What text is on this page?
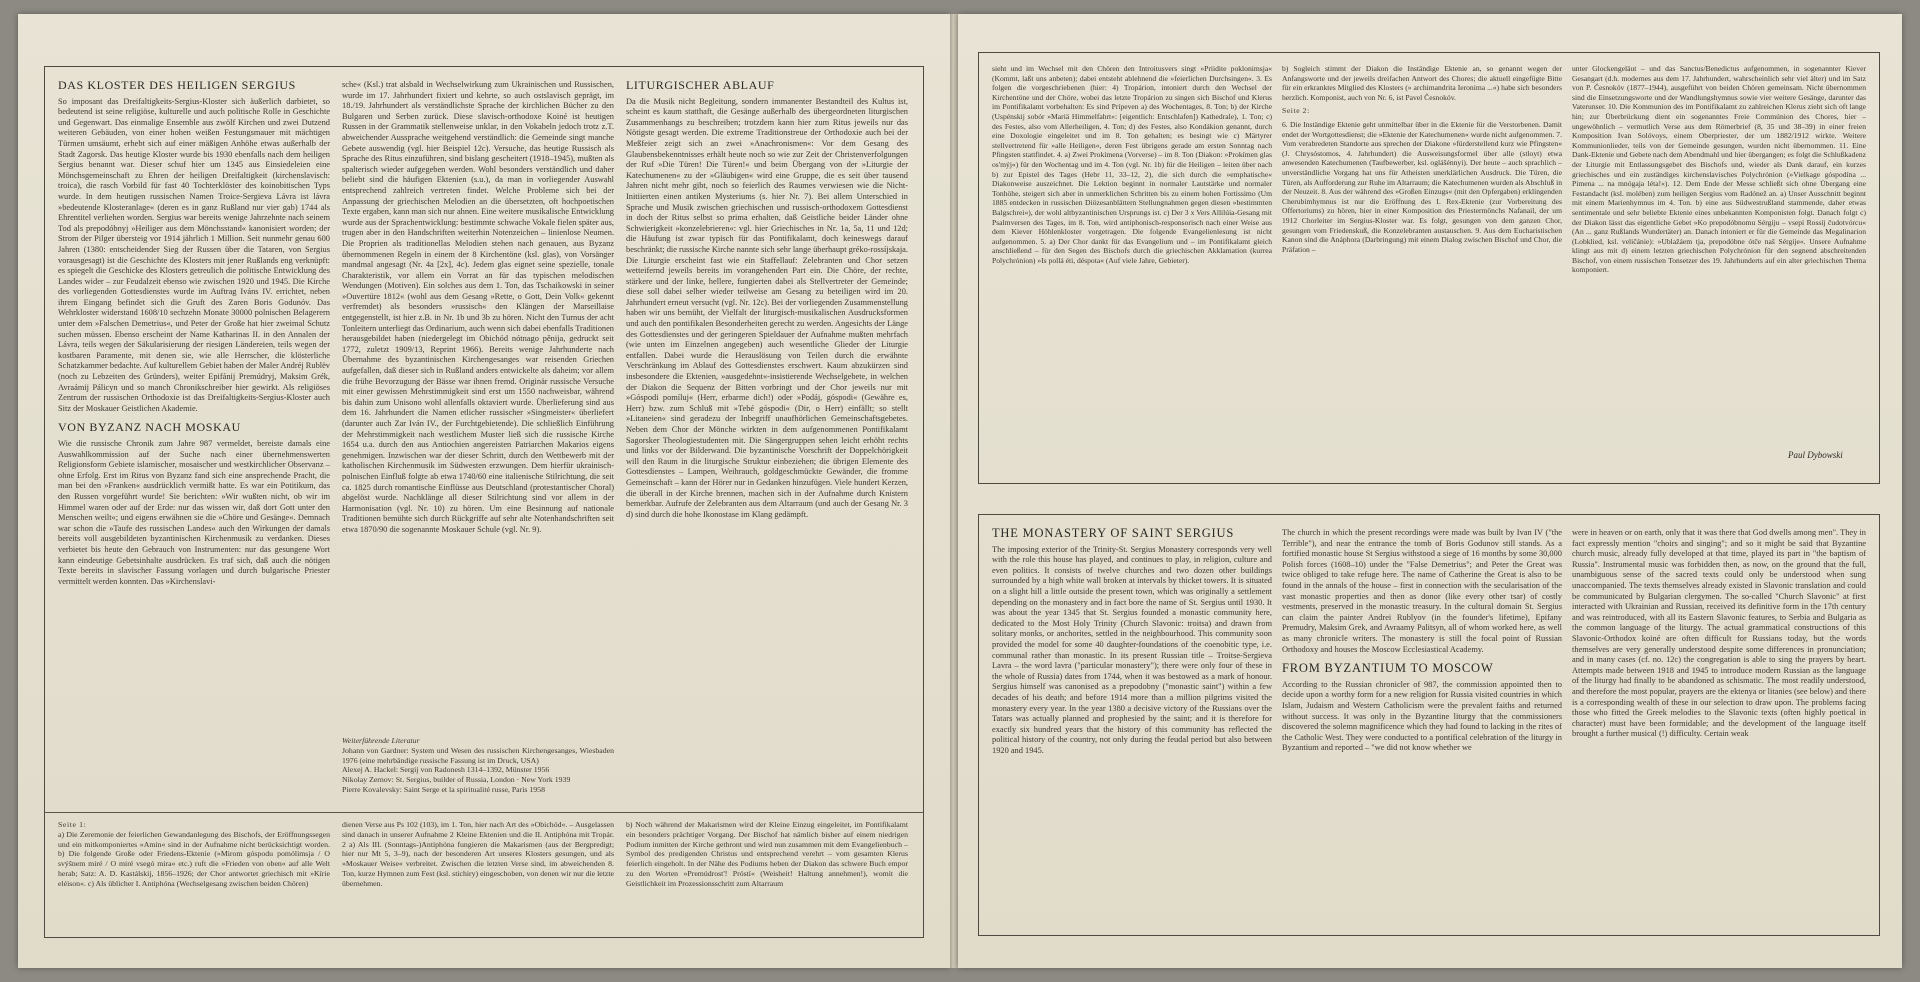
DAS KLOSTER DES HEILIGEN SERGIUS

So imposant das Dreifaltigkeits-Sergius-Kloster sich äußerlich darbietet, so bedeutend ist seine religiöse, kulturelle und auch politische Rolle in Geschichte und Gegenwart. Das einmalige Ensemble aus zwölf Kirchen und zwei Dutzend weiteren Gebäuden, von einer hohen weißen Festungsmauer mit mächtigen Türmen umsäumt, erhebt sich auf einer mäßigen Anhöhe etwas außerhalb der Stadt Zagorsk. Das heutige Kloster wurde bis 1930 ebenfalls nach dem heiligen Sergius benannt war. Dieser schuf hier um 1345 aus Einsiedeleien eine Mönchsgemeinschaft zu Ehren der heiligen Dreifaltigkeit (kirchenslavisch: troica), die rasch Vorbild für fast 40 Tochterklöster des koinobitischen Typs wurde. In dem heutigen russischen Namen Troice-Sergieva Lávra ist lávra »bedeutende Klosteranlage« (deren es in ganz Rußland nur vier gab) 1744 als Ehrentitel verliehen worden. Sergius war bereits wenige Jahrzehnte nach seinem Tod als prepodóbnyj »Heiliger aus dem Mönchsstand« kanonisiert worden; der Strom der Pilger übersteig vor 1914 jährlich 1 Million. Seit nunmehr genau 600 Jahren (1380: entscheidender Sieg der Russen über die Tataren, von Sergius vorausgesagt) ist die Geschichte des Klosters mit jener Rußlands eng verknüpft: es spiegelt die Geschicke des Klosters getreulich die politische Entwicklung des Landes wider – zur Feudalzeit ebenso wie zwischen 1920 und 1945. Die Kirche des vorliegenden Gottesdienstes wurde im Auftrag Iváns IV. errichtet, neben ihrem Eingang befindet sich die Gruft des Zaren Boris Godunóv. Das Wehrkloster widerstand 1608/10 sechzehn Monate 30000 polnischen Belagerern unter dem »Falschen Demetrius«, und Peter der Große hat hier zweimal Schutz suchen müssen. Ebenso erscheint der Name Katharinas II. in den Annalen der Lávra, teils wegen der Säkularisierung der riesigen Ländereien, teils wegen der kostbaren Paramente, mit denen sie, wie alle Herrscher, die klösterliche Schatzkammer bedachte. Auf kulturellem Gebiet haben der Maler Andréj Rublëv (noch zu Lebzeiten des Gründers), weiter Epifánij Premúdryj, Maksim Grék, Avraámij Pálicyn und so manch Chronikschreiber hier gewirkt. Als religiöses Zentrum der russischen Orthodoxie ist das Dreifaltigkeits-Sergius-Kloster auch Sitz der Moskauer Geistlichen Akademie.

VON BYZANZ NACH MOSKAU

Wie die russische Chronik zum Jahre 987 vermeldet, bereiste damals eine Auswahlkommission auf der Suche nach einer übernehmenswerten Religionsform Gebiete islamischer, mosaischer und westkirchlicher Observanz – ohne Erfolg. Erst im Ritus von Byzanz fand sich eine ansprechende Pracht, die man bei den »Franken« ausdrücklich vermißt hatte. Es war ein Potitikum, das den Russen vorgeführt wurde! Sie berichten: »Wir wußten nicht, ob wir im Himmel waren oder auf der Erde: nur das wissen wir, daß dort Gott unter den Menschen weilt«; und eigens erwähnen sie die »Chöre und Gesänge«. Demnach war schon die »Taufe des russischen Landes« auch den Wirkungen der damals bereits voll ausgebildeten byzantinischen Kirchenmusik zu verdanken. Dieses verbietet bis heute den Gebrauch von Instrumenten: nur das gesungene Wort kann eindeutige Gebetsinhalte ausdrücken. Es traf sich, daß auch die nötigen Texte bereits in slavischer Fassung vorlagen und durch bulgarische Priester vermittelt werden konnten. Das »Kirchenslavi-

sche« (Ksl.) trat alsbald in Wechselwirkung zum Ukrainischen und Russischen, wurde im 17. Jahrhundert fixiert und kehrte, so auch ostslavisch geprägt, im 18./19. Jahrhundert als verständlichste Sprache der kirchlichen Bücher zu den Bulgaren und Serben zurück. Diese slavisch-orthodoxe Koiné ist heutigen Russen in der Grammatik stellenweise unklar, in den Vokabeln jedoch trotz z.T. abweichender Aussprache weitgehend verständlich: die Gemeinde singt manche Gebete auswendig (vgl. hier Beispiel 12c). Versuche, das heutige Russisch als Sprache des Ritus einzuführen, sind bislang gescheitert (1918–1945), mußten als spalterisch wieder aufgegeben werden. Wohl besonders verständlich und daher beliebt sind die häufigen Ektenien (s.u.), da man in vorliegender Auswahl entsprechend zahlreich vertreten findet. Welche Probleme sich bei der Anpassung der griechischen Melodien an die übersetzten, oft hochpoetischen Texte ergaben, kann man sich nur ahnen. Eine weitere musikalische Entwicklung wurde aus der Sprachentwicklung: bestimmte schwache Vokale fielen später aus, trugen aber in den Handschriften weiterhin Notenzeichen – linienlose Neumen. Die Proprien als traditionellas Melodien stehen nach genauen, aus Byzanz übernommenen Regeln in einem der 8 Kirchentöne (ksl. glas), von Vorsänger mandmal angesagt (Nr. 4a [2x], 4c). Jedem glas eignet seine spezielle, tonale Charakteristik, vor allem ein Vorrat an für das typischen melodischen Wendungen (Motiven). Ein solches aus dem 1. Ton, das Tschaikowski in seiner »Ouvertüre 1812« (wohl aus dem Gesang »Rette, o Gott, Dein Volk« gekennt verfremdet) als besonders »russisch« den Klängen der Marseillaise entgegenstellt, ist hier z.B. in Nr. 1b und 3b zu hören. Nicht den Turnus der acht Tonleitern unterliegt das Ordinarium, auch wenn sich dabei ebenfalls Traditionen herausgebildet haben (niedergelegt im Obichód nótnago pěnija, gedruckt seit 1772, zuletzt 1909/13, Reprint 1966). Bereits wenige Jahrhunderte nach Übernahme des byzantinischen Kirchengesanges war reisenden Griechen aufgefallen, daß dieser sich in Rußland anders entwickelte als daheim; vor allem die frühe Bevorzugung der Bässe war ihnen fremd. Originär russische Versuche mit einer gewissen Mehrstimmigkeit sind erst um 1550 nachweisbar, während bis dahin zum Unisono wohl allenfalls oktaviert wurde. Überlieferung sind aus dem 16. Jahrhundert die Namen etlicher russischer »Singmeister« überliefert (darunter auch Zar Iván IV., der Furchtgebietende). Die schließlich Einführung der Mehrstimmigkeit nach westlichem Muster ließ sich die russische Kirche 1654 u.a. durch den aus Antiochien angereisten Patriarchen Makarios eigens genehmigen. Inzwischen war der dieser Schritt, durch den Wettbewerb mit der katholischen Kirchenmusik im Südwesten erzwungen. Dem hierfür ukrainisch-polnischen Einfluß folgte ab etwa 1740/60 eine italienische Stilrichtung, die seit ca. 1825 durch romantische Einflüsse aus Deutschland (protestantischer Choral) abgelöst wurde. Nachklänge all dieser Stilrichtung sind vor allem in der Harmonisation (vgl. Nr. 10) zu hören. Um eine Besinnung auf nationale Traditionen bemühte sich durch Rückgriffe auf sehr alte Notenhandschriften seit etwa 1870/90 die sogenannte Moskauer Schule (vgl. Nr. 9).

LITURGISCHER ABLAUF

Da die Musik nicht Begleitung, sondern immanenter Bestandteil des Kultus ist, scheint es kaum statthaft, die Gesänge außerhalb des übergeordneten liturgischen Zusammenhangs zu beschreiben; trotzdem kann hier zum Ritus jeweils nur das Nötigste gesagt werden. Die extreme Traditionstreue der Orthodoxie auch bei der Meßfeier zeigt sich an zwei »Anachronismen«: Vor dem Gesang des Glaubensbekenntnisses erhält heute noch so wie zur Zeit der Christenverfolgungen der Ruf »Die Türen! Die Türen!« und beim Übergang von der »Liturgie der Katechumenen« zu der »Gläubigen« wird eine Gruppe, die es seit über tausend Jahren nicht mehr gibt, noch so feierlich des Raumes verwiesen wie die Nicht-Initiierten einen antiken Mysteriums (s. hier Nr. 7). Bei allem Unterschied in Sprache und Musik zwischen griechischen und russisch-orthodoxem Gottesdienst in doch der Ritus selbst so prima erhalten, daß Geistliche beider Länder ohne Schwierigkeit »konzelebrieren«: vgl. hier Griechisches in Nr. 1a, 5a, 11 und 12d; die Häufung ist zwar typisch für das Pontifikalamt, doch keineswegs darauf beschränkt; die russische Kirche nannte sich sehr lange überhaupt gréko-rossíjskaja. Die Liturgie erscheint fast wie ein Staffellauf: Zelebranten und Chor setzen wetteifernd jeweils bereits im vorangehenden Part ein. Die Chöre, der rechte, stärkere und der linke, hellere, fungierten dabei als Stellvertreter der Gemeinde; diese soll dabei selber wieder teilweise am Gesang zu beteiligen wird im 20. Jahrhundert erneut versucht (vgl. Nr. 12c). Bei der vorliegenden Zusammenstellung haben wir uns bemüht, der Vielfalt der liturgisch-musikalischen Ausdrucksformen und auch den pontifikalen Besonderheiten gerecht zu werden. Angesichts der Länge des Gottesdienstes und der geringeren Spieldauer der Aufnahme mußten mehrfach (wie unten im Einzelnen angegeben) auch wesentliche Glieder der Liturgie entfallen. Dabei wurde die Herauslösung von Teilen durch die erwähnte Verschränkung im Ablauf des Gottesdienstes erschwert. Kaum abzukürzen sind insbesondere die Ektenien, »ausgedehnt«-insistierende Wechselgebete, in welchen der Diakon die Sequenz der Bitten vorbringt und der Chor jeweils nur mit »Góspodi pomíluj« (Herr, erbarme dich!) oder »Podáj, góspodi« (Gewähre es, Herr) bzw. zum Schluß mit »Tebé góspodi« (Dir, o Herr) einfällt; so stellt »Litaneien« sind geradezu der Inbegriff unaufhörlichen Gemeinschaftsgebetes. Neben dem Chor der Mönche wirkten in dem aufgenommenen Pontifikalamt Sagorsker Theologiestudenten mit. Die Sängergruppen sehen leicht erhöht rechts und links vor der Bilderwand. Die byzantinische Vorschrift der Doppelchörigkeit will den Raum in die liturgische Struktur einbeziehen; die übrigen Elemente des Gottesdienstes – Lampen, Weihrauch, goldgeschmückte Gewänder, die fromme Gemeinschaft – kann der Hörer nur in Gedanken hinzufügen. Viele hundert Kerzen, die überall in der Kirche brennen, machen sich in der Aufnahme durch Knistern bemerkbar. Aufrufe der Zelebranten aus dem Altarraum (und auch der Gesang Nr. 3 d) sind durch die hohe Ikonostase im Klang gedämpft.

Weiterführende Literatur
Johann von Gardner: System und Wesen des russischen Kirchengesanges, Wiesbaden 1976 (eine mehrbändige russische Fassung ist im Druck, USA)
Alexej A. Hackel: Sergij von Radonesh 1314–1392, Münster 1956
Nikolay Zernov: St. Sergius, builder of Russia, London · New York 1939
Pierre Kovalevsky: Saint Serge et la spiritualité russe, Paris 1958
Seite 1:
a) Die Zeremonie der feierlichen Gewandanlegung des Bischofs, der Eröffnungssegen und ein mitkomponiertes »Amin« sind in der Aufnahme nicht berücksichtigt worden. b) Die folgende Große oder Friedens-Ektenie (»Mirom góspodu pomólimsja / O svýšnem miré / O miré vsegó mira« etc.) ruft die »Frieden von oben« auf alle Welt herab; Satz: A. D. Kastálskij, 1856–1926; der Chor antwortet griechisch mit »Kírie eléison«. c) Als üblicher I. Antiphóna (Wechselgesang zwischen beiden Chören)
dienen Verse aus Ps 102 (103), im 1. Ton, hier nach Art des »Obichód«. – Ausgelassen sind danach in unserer Aufnahme 2 Kleine Ektenien und die II. Antiphóna mit Tropár. 2 a) Als III. (Sonntags-)Antiphóna fungieren die Makarismen (aus der Bergpredigt; hier nur Mt 5, 3–9), nach der besonderen Art unseres Klosters gesungen, und als »Moskauer Weise« verbreitet. Zwischen die letzten Verse sind, im abweichenden 8. Ton, kurze Hymnen zum Fest (ksl. stichiry) eingeschoben, von denen wir nur die letzte übernehmen.
b) Noch während der Makarismen wird der Kleine Einzug eingeleitet, im Pontifikalamt ein besonders prächtiger Vorgang. Der Bischof hat nämlich bisher auf einem niedrigen Podium inmitten der Kirche gethront und wird nun zusammen mit dem Evangelienbuch – Symbol des predigenden Christus und entsprechend verehrt – vom gesamten Klerus feierlich eingeholt. In der Nähe des Podiums heben der Diakon das schwere Buch empor zu den Worten »Premúdrost'! Próstí« (Weisheit! Haltung annehmen!), womit die Geistlichkeit im Prozessionsschritt zum Altarraum

sieht und im Wechsel mit den Chören den Introitusvers singt »Priidite poklonimsja« (Kommt, laßt uns anbeten); dabei entsteht ablehnend die »feierlichen Durchsingen«. 3. Es folgen die vorgeschriebenen (hier: 4) Tropárion, intoniert durch den Wechsel der Kirchentöne und der Chöre, wobei das letzte Tropárion zu singen sich Bischof und Klerus im Pontifikalamt vorbehalten: Es sind Prípeven a) des Wochentages, 8. Ton; b) der Kirche (Uspénskij sobór »Mariä Himmelfahrt«: [eigentlich: Entschlafen]) Kathedrale), 1. Ton; c) des Festes, also vom Allerheiligen, 4. Ton; d) des Festes, also Kondákion genannt, durch eine Doxologie eingeleitet und im 8. Ton gehalten; es besingt wie c) Märtyrer stellvertretend für »alle Heiligen«, deren Fest übrigens gerade am ersten Sonntag nach Pfingsten stattfindet. 4. a) Zwei Prokímena (Vorverse) – im 8. Ton (Diakon: »Prokímen glas os'mýj«) für den Wochentag und im 4. Ton (vgl. Nr. 1b) für die Heiligen – leiten über nach b) zur Epistel des Tages (Hebr 11, 33–12, 2), die sich durch die »emphatische« Diakonweise auszeichnet. Die Lektion beginnt in normaler Lautstärke und normaler Tonhöhe, steigert sich aber in unmerklichen Schritten bis zu einem hohen Fortissimo (Um 1885 entdecken in russischen Diözesanblättern Stellungnahmen gegen diesen »bestimmten Balgschrei«), der wohl altbyzantinischen Ursprungs ist. c) Der 3 x Vers Allilúia-Gesang mit Psalmversen des Tages, im 8. Ton, wird antiphonisch-responsorisch nach einer Weise aus dem Kiever Höhlenkloster vorgetragen. Die folgende Evangelienlesung ist nicht aufgenommen. 5. a) Der Chor dankt für das Evangelium und – im Pontifikalamt gleich anschließend – für den Segen des Bischofs durch die griechischen Akklamation (kurrea Polychrónion) »Is pollá éti, déspota« (Auf viele Jahre, Gebieter).

b) Sogleich stimmt der Diakon die Inständige Ektenie an, so genannt wegen der Anfangsworte und der jeweils dreifachen Antwort des Chores; die aktuell eingefügte Bitte für ein erkranktes Mitglied des Klosters (» archimandrita Ieronima ...«) habe sich besonders herzlich. Komponist, auch von Nr. 6, ist Pavel Česnokóv.

Seite 2:

6. Die Inständige Ektenie geht unmittelbar über in die Ektenie für die Verstorbenen. Damit endet der Wortgottesdienst; die »Ektenie der Katechumenen« wurde nicht aufgenommen. 7. Vom verabredeten Standorte aus sprechen der Diakone »fürderstellend kurz wie Pfingsten« (J. Chrysóstomos, 4. Jahrhundert) die Ausweisungsformel über alle (stloyt) etwa anwesenden Katechumenen (Taufbewerber, ksl. oglášénnyi). Der heute – auch sprachlich – unverständliche Vorgang hat uns für Atheisten unerklärlichen Ausdruck. Die Türen, die Türen, als Aufforderung zur Ruhe im Altarraum; die Katechumenen wurden als Abschluß in der Neuzeit. 8. Aus der während des »Großen Einzugs« (mit den Opfergaben) erklingenden Cherubimhymnus ist nur die Eröffnung des I. Rex-Ektenie (zur Vorbereitung des Offertoriums) zu hören, hier in einer Komposition des Priestermönchs Nafanail, der um 1912 Chorleiter im Sergius-Kloster war. Es folgt, gesungen von dem ganzen Chor, gesungen vom Friedenskuß, die Konzelebranten austauschen. 9. Aus dem Eucharistischen Kanon sind die Anáphora (Darbringung) mit einem Dialog zwischen Bischof und Chor, die Präfation –

unter Glockengeläut – und das Sanctus/Benedictus aufgenommen, in sogenannter Kiever Gesangart (d.h. modernes aus dem 17. Jahrhundert, wahrscheinlich sehr viel älter) und im Satz von P. Česnokóv (1877–1944), ausgeführt von beiden Chören gemeinsam. Nicht übernommen sind die Einsetzungsworte und der Wandlungshymnus sowie vier weitere Gesänge, darunter das Vaterunser. 10. Die Kommunion des im Pontifikalamt zu zahlreichen Klerus zieht sich oft lange hin; zur Überbrückung dient ein sogenanntes Freie Commúnion des Chores, hier – ungewöhnlich – vermutlich Verse aus dem Römerbrief (8, 35 und 38–39) in einer freien Komposition Ivan Solóvoys, einem Oberpriester, der um 1882/1912 wirkte. Weitere Kommunionlieder, teils von der Gemeinde gesungen, wurden nicht übernommen. 11. Eine Dank-Ektenie und Gebete nach dem Abendmahl und hier übergangen; es folgt die Schlußkadenz der Liturgie mit Entlassungsgebet des Bischofs und, wieder als Dank darauf, ein kurzes griechisches und ein zuständiges kirchenslavisches Polychrónion (»Vielkage góspodína ... Pimena ... na mnógaja léta!«). 12. Dem Ende der Messe schließt sich ohne Übergang eine Festandacht (ksl. molében) zum heiligen Sergius vom Radónež an. a) Unser Ausschnitt beginnt mit einem Marienhymnus im 4. Ton. b) eine aus Südwestrußland stammende, daher etwas sentimentale und sehr beliebte Ektenie eines unbekannten Komponisten folgt. Danach folgt c) der Diakon lässt das eigentliche Gebet »Ko prepodóbnomu Sérgiju – vsepí Rossíj čudotvórcu« (An ... ganz Rußlands Wundertäter) an. Danach intoniert er für die Gemeinde das Megalinarion (Lobklied, ksl. veličánie): »Ublažáem tja, prepodóbne ótče naš Sérgije«. Unsere Aufnahme klingt aus mit d) einem letzten griechischen Polychrónion für den segnend abschreitenden Bischof, von einem russischen Tonsetzer des 19. Jahrhunderts auf ein alter griechischen Thema komponiert.

Paul Dybowski
THE MONASTERY OF SAINT SERGIUS

The imposing exterior of the Trinity-St. Sergius Monastery corresponds very well with the role this house has played, and continues to play, in religion, culture and even politics. It consists of twelve churches and two dozen other buildings surrounded by a high white wall broken at intervals by thicket towers. It is situated on a slight hill a little outside the present town, which was originally a settlement depending on the monastery and in fact bore the name of St. Sergius until 1930. It was about the year 1345 that St. Sergius founded a monastic community here, dedicated to the Most Holy Trinity (Church Slavonic: troitsa) and drawn from solitary monks, or anchorites, settled in the neighbourhood. This community soon provided the model for some 40 daughter-foundations of the coenobitic type, i.e. communal rather than monastic. In its present Russian title – Troitse-Sergieva Lavra – the word lavra ("particular monastery"); there were only four of these in the whole of Russia) dates from 1744, when it was bestowed as a mark of honour. Sergius himself was canonised as a prepodobny ("monastic saint") within a few decades of his death; and before 1914 more than a million pilgrims visited the monastery every year. In the year 1380 a decisive victory of the Russians over the Tatars was actually planned and prophesied by the saint; and it is therefore for exactly six hundred years that the history of this community has reflected the political history of the country, not only during the feudal period but also between 1920 and 1945.

The church in which the present recordings were made was built by Ivan IV ("the Terrible"), and near the entrance the tomb of Boris Godunov still stands. As a fortified monastic house St Sergius withstood a siege of 16 months by some 30,000 Polish forces (1608–10) under the "False Demetrius"; and Peter the Great was twice obliged to take refuge here. The name of Catherine the Great is also to be found in the annals of the house – first in connection with the secularisation of the vast monastic properties and then as donor (like every other tsar) of costly vestments, preserved in the monastic treasury. In the cultural domain St. Sergius can claim the painter Andrei Rublyov (in the founder's lifetime), Epifany Premudry, Maksim Grek, and Avraamy Palitsyn, all of whom worked here, as well as many chronicle writers. The monastery is still the focal point of Russian Orthodoxy and houses the Moscow Ecclesiastical Academy.

FROM BYZANTIUM TO MOSCOW

According to the Russian chronicler of 987, the commission appointed then to decide upon a worthy form for a new religion for Russia visited countries in which Islam, Judaism and Western Catholicism were the prevalent faiths and returned without success. It was only in the Byzantine liturgy that the commissioners discovered the solemn magnificence which they had found to lacking in the rites of the Catholic West. They were conducted to a pontifical celebration of the liturgy in Byzantium and reported – "we did not know whether we

were in heaven or on earth, only that it was there that God dwells among men". They in fact expressly mention "choirs and singing"; and so it might be said that Byzantine church music, already fully developed at that time, played its part in "the baptism of Russia". Instrumental music was forbidden then, as now, on the ground that the full, unambiguous sense of the sacred texts could only be understood when sung unaccompanied. The texts themselves already existed in Slavonic translation and could be communicated by Bulgarian clergymen. The so-called "Church Slavonic" at first interacted with Ukrainian and Russian, received its definitive form in the 17th century and was reintroduced, with all its Eastern Slavonic features, to Serbia and Bulgaria as the common language of the liturgy. The actual grammatical constructions of this Slavonic-Orthodox koiné are often difficult for Russians today, but the words themselves are very generally understood despite some differences in pronunciation; and in many cases (cf. no. 12c) the congregation is able to sing the prayers by heart. Attempts made between 1918 and 1945 to introduce modern Russian as the language of the liturgy had finally to be abandoned as schismatic. The most readily understood, and therefore the most popular, prayers are the ektenya or litanies (see below) and there is a corresponding wealth of these in our selection to draw upon. The problems facing those who fitted the Greek melodies to the Slavonic texts (often highly poetical in character) must have been formidable; and the development of the language itself brought a further musical (!) difficulty. Certain weak
